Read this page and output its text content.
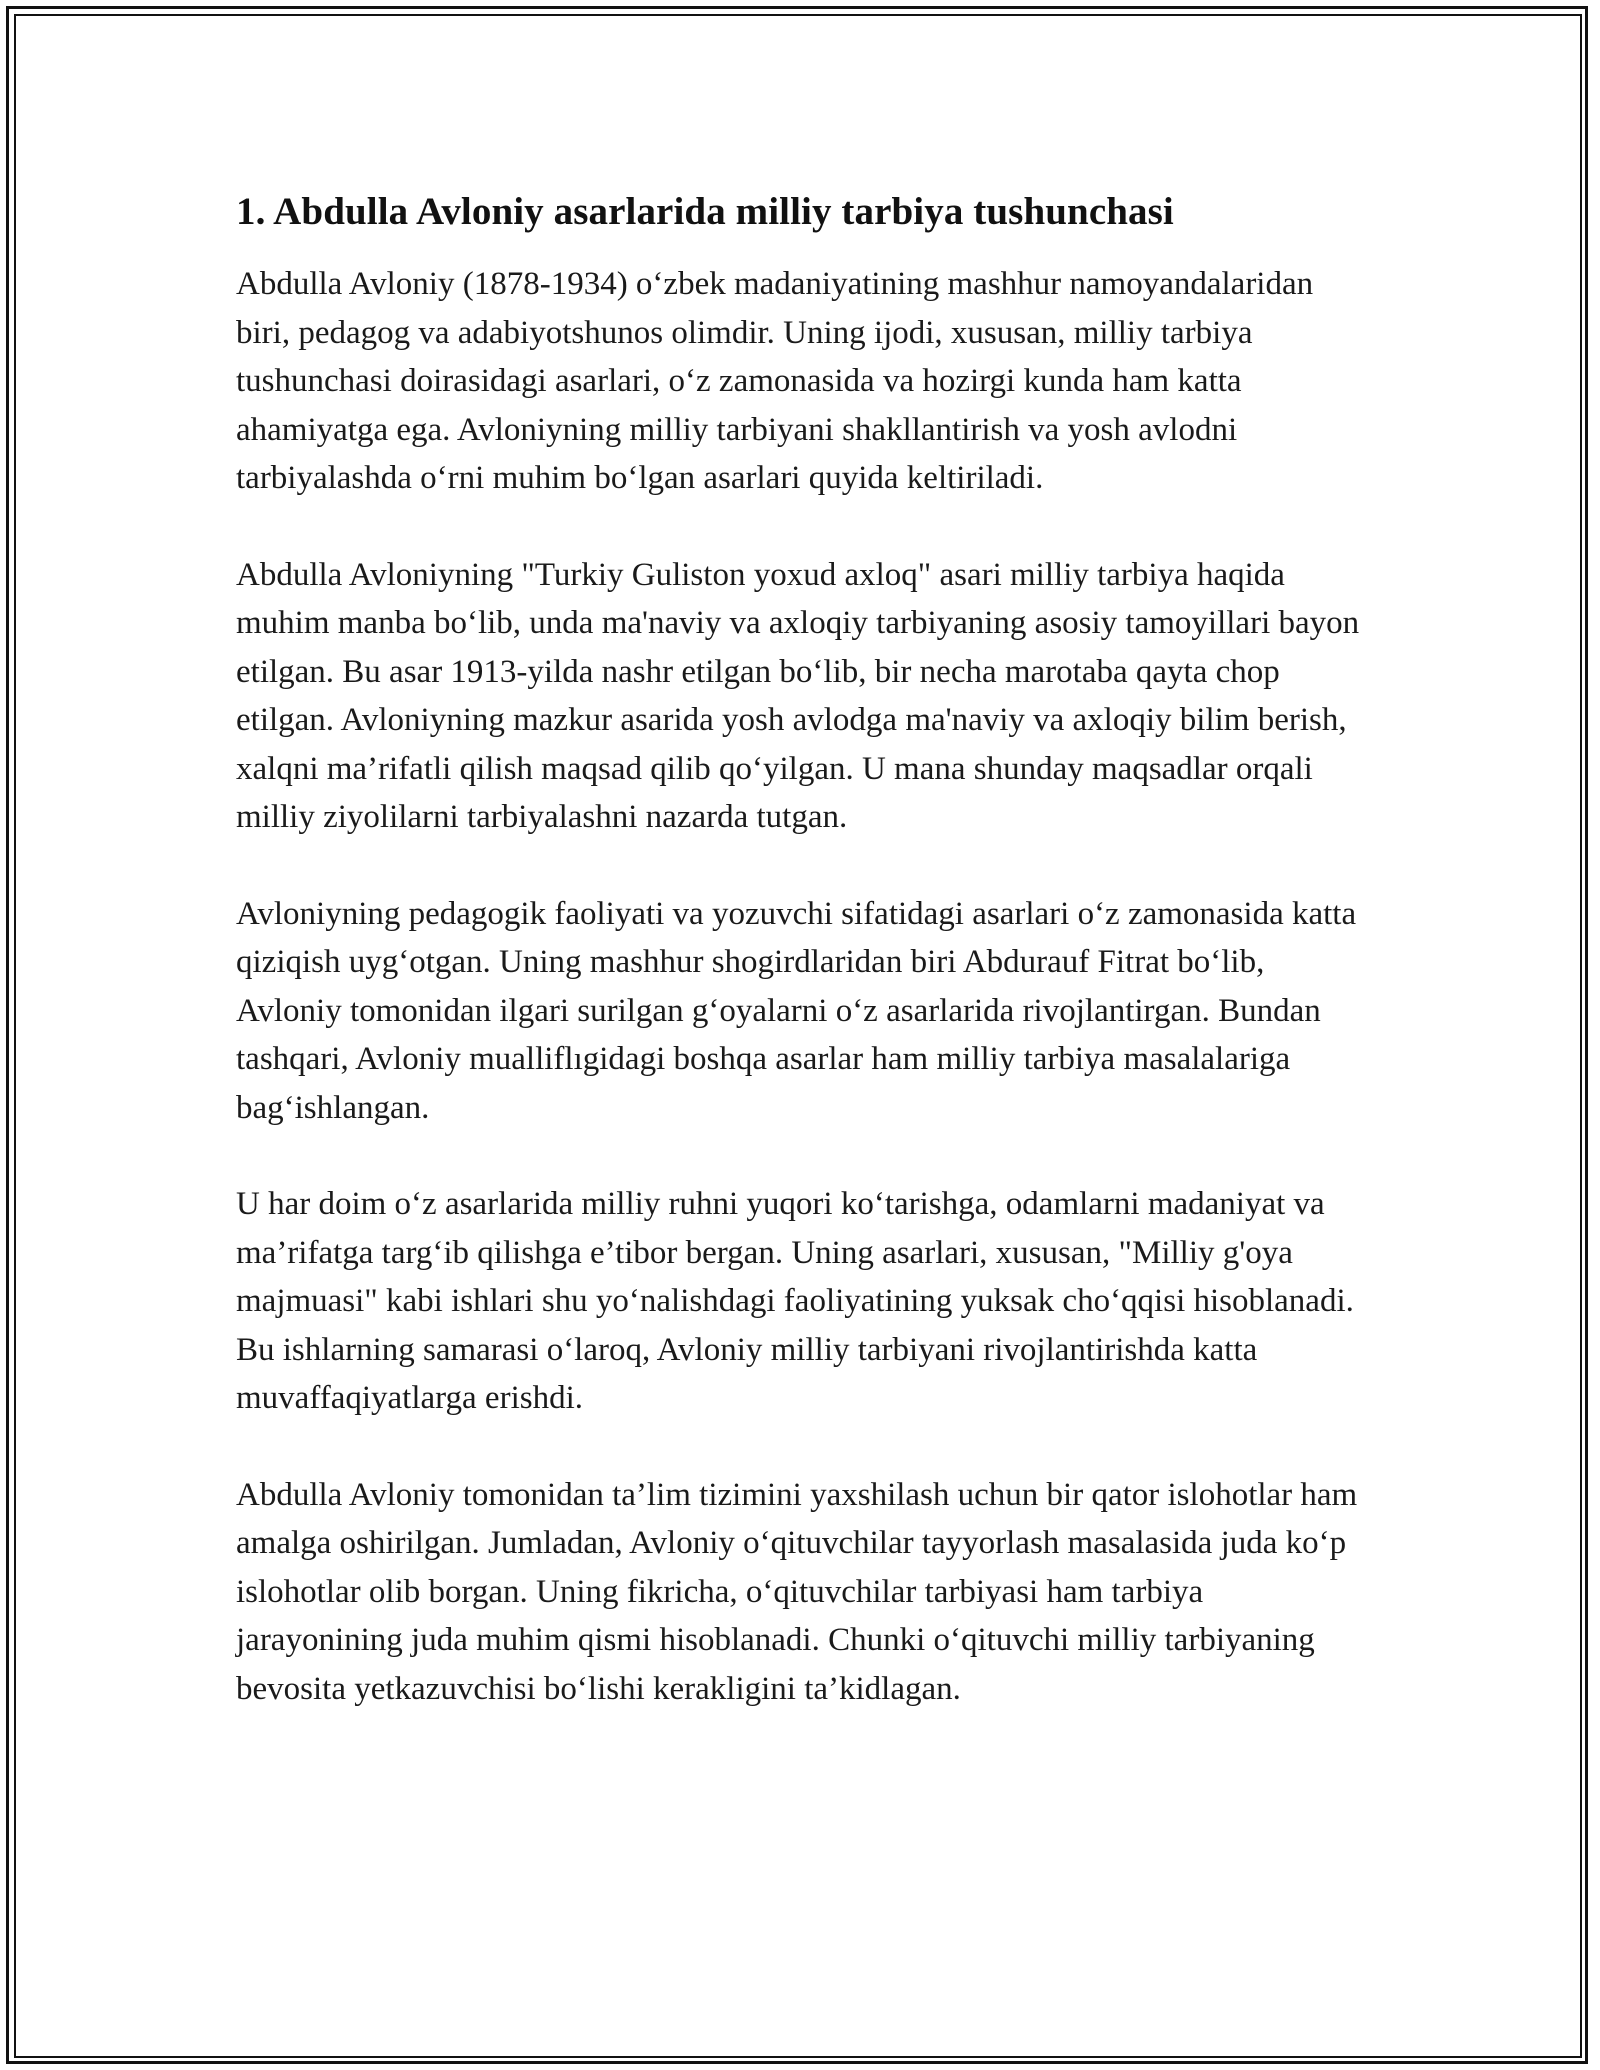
1. Abdulla Avloniy asarlarida milliy tarbiya tushunchasi

Abdulla Avloniy (1878-1934) o‘zbek madaniyatining mashhur namoyandalaridan biri, pedagog va adabiyotshunos olimdir. Uning ijodi, xususan, milliy tarbiya tushunchasi doirasidagi asarlari, o‘z zamonasida va hozirgi kunda ham katta ahamiyatga ega. Avloniyning milliy tarbiyani shakllantirish va yosh avlodni tarbiyalashda o‘rni muhim bo‘lgan asarlari quyida keltiriladi.

Abdulla Avloniyning "Turkiy Guliston yoxud axloq" asari milliy tarbiya haqida muhim manba bo‘lib, unda ma'naviy va axloqiy tarbiyaning asosiy tamoyillari bayon etilgan. Bu asar 1913-yilda nashr etilgan bo‘lib, bir necha marotaba qayta chop etilgan. Avloniyning mazkur asarida yosh avlodga ma'naviy va axloqiy bilim berish, xalqni ma’rifatli qilish maqsad qilib qo‘yilgan. U mana shunday maqsadlar orqali milliy ziyolilarni tarbiyalashni nazarda tutgan.

Avloniyning pedagogik faoliyati va yozuvchi sifatidagi asarlari o‘z zamonasida katta qiziqish uyg‘otgan. Uning mashhur shogirdlaridan biri Abdurauf Fitrat bo‘lib, Avloniy tomonidan ilgari surilgan g‘oyalarni o‘z asarlarida rivojlantirgan. Bundan tashqari, Avloniy mualliflıgidagi boshqa asarlar ham milliy tarbiya masalalariga bag‘ishlangan.

U har doim o‘z asarlarida milliy ruhni yuqori ko‘tarishga, odamlarni madaniyat va ma’rifatga targ‘ib qilishga e’tibor bergan. Uning asarlari, xususan, "Milliy g'oya majmuasi" kabi ishlari shu yo‘nalishdagi faoliyatining yuksak cho‘qqisi hisoblanadi. Bu ishlarning samarasi o‘laroq, Avloniy milliy tarbiyani rivojlantirishda katta muvaffaqiyatlarga erishdi.

Abdulla Avloniy tomonidan ta’lim tizimini yaxshilash uchun bir qator islohotlar ham amalga oshirilgan. Jumladan, Avloniy o‘qituvchilar tayyorlash masalasida juda ko‘p islohotlar olib borgan. Uning fikricha, o‘qituvchilar tarbiyasi ham tarbiya jarayonining juda muhim qismi hisoblanadi. Chunki o‘qituvchi milliy tarbiyaning bevosita yetkazuvchisi bo‘lishi kerakligini ta’kidlagan.
